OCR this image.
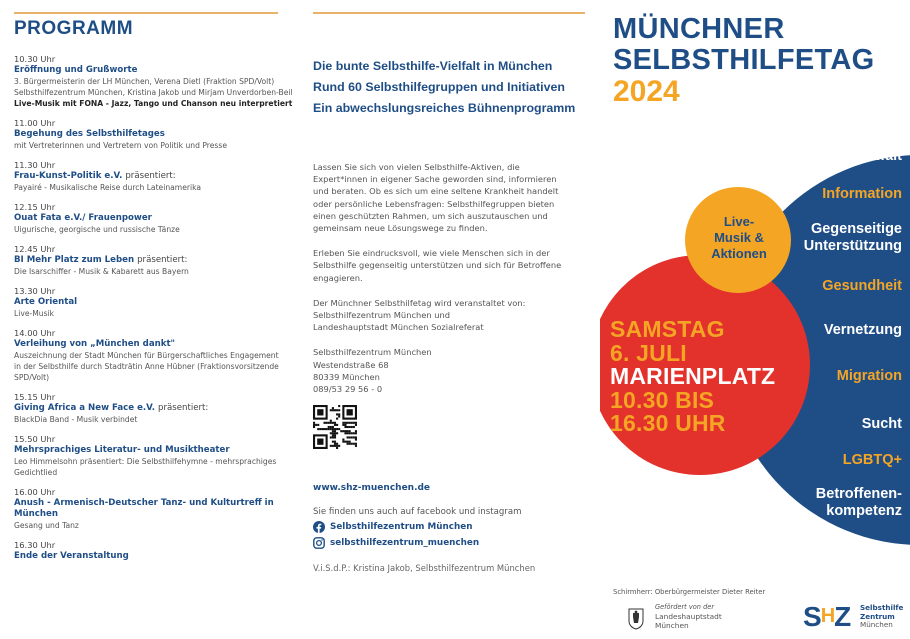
PROGRAMM
10.30 Uhr
Eröffnung und Grußworte
3. Bürgermeisterin der LH München, Verena Dietl (Fraktion SPD/Volt)
Selbsthilfezentrum München, Kristina Jakob und Mirjam Unverdorben-Beil
Live-Musik mit FONA - Jazz, Tango und Chanson neu interpretiert
11.00 Uhr
Begehung des Selbsthilfetages
mit Vertreterinnen und Vertretern von Politik und Presse
11.30 Uhr
Frau-Kunst-Politik e.V. präsentiert:
Payairé - Musikalische Reise durch Lateinamerika
12.15 Uhr
Ouat Fata e.V./ Frauenpower
Uigurische, georgische und russische Tänze
12.45 Uhr
BI Mehr Platz zum Leben präsentiert:
Die Isarschiffer - Musik & Kabarett aus Bayern
13.30 Uhr
Arte Oriental
Live-Musik
14.00 Uhr
Verleihung von „München dankt"
Auszeichnung der Stadt München für Bürgerschaftliches Engagement
in der Selbsthilfe durch Stadträtin Anne Hübner (Fraktionsvorsitzende
SPD/Volt)
15.15 Uhr
Giving Africa a New Face e.V. präsentiert:
BlackDia Band - Musik verbindet
15.50 Uhr
Mehrsprachiges Literatur- und Musiktheater
Leo Himmelsohn präsentiert: Die Selbsthilfehymne - mehrsprachiges
Gedichtlied
16.00 Uhr
Anush - Armenisch-Deutscher Tanz- und Kulturtreff in München
Gesang und Tanz
16.30 Uhr
Ende der Veranstaltung
Die bunte Selbsthilfe-Vielfalt in München
Rund 60 Selbsthilfegruppen und Initiativen
Ein abwechslungsreiches Bühnenprogramm
Lassen Sie sich von vielen Selbsthilfe-Aktiven, die
Expert*innen in eigener Sache geworden sind, informieren
und beraten. Ob es sich um eine seltene Krankheit handelt
oder persönliche Lebensfragen: Selbsthilfegruppen bieten
einen geschützten Rahmen, um sich auszutauschen und
gemeinsam neue Lösungswege zu finden.
Erleben Sie eindrucksvoll, wie viele Menschen sich in der
Selbsthilfe gegenseitig unterstützen und sich für Betroffene
engagieren.
Der Münchner Selbsthilfetag wird veranstaltet von:
Selbsthilfezentrum München und
Landeshauptstadt München Sozialreferat
Selbsthilfezentrum München
Westendstraße 68
80339 München
089/53 29 56 - 0
www.shz-muenchen.de
Sie finden uns auch auf facebook und instagram
Selbsthilfezentrum München
selbsthilfezentrum_muenchen
V.i.S.d.P.: Kristina Jakob, Selbsthilfezentrum München
MÜNCHNER
SELBSTHILFETAG
2024
Live-
Musik &
Aktionen
SAMSTAG
6. JULI
MARIENPLATZ
10.30 BIS
16.30 UHR
Vielfalt
Information
Gegenseitige
Unterstützung
Gesundheit
Vernetzung
Migration
Sucht
LGBTQ+
Betroffenen-
kompetenz
Schirmherr: Oberbürgermeister Dieter Reiter
Gefördert von der
Landeshauptstadt
München	SHZ	Selbsthilfe
Zentrum
München
